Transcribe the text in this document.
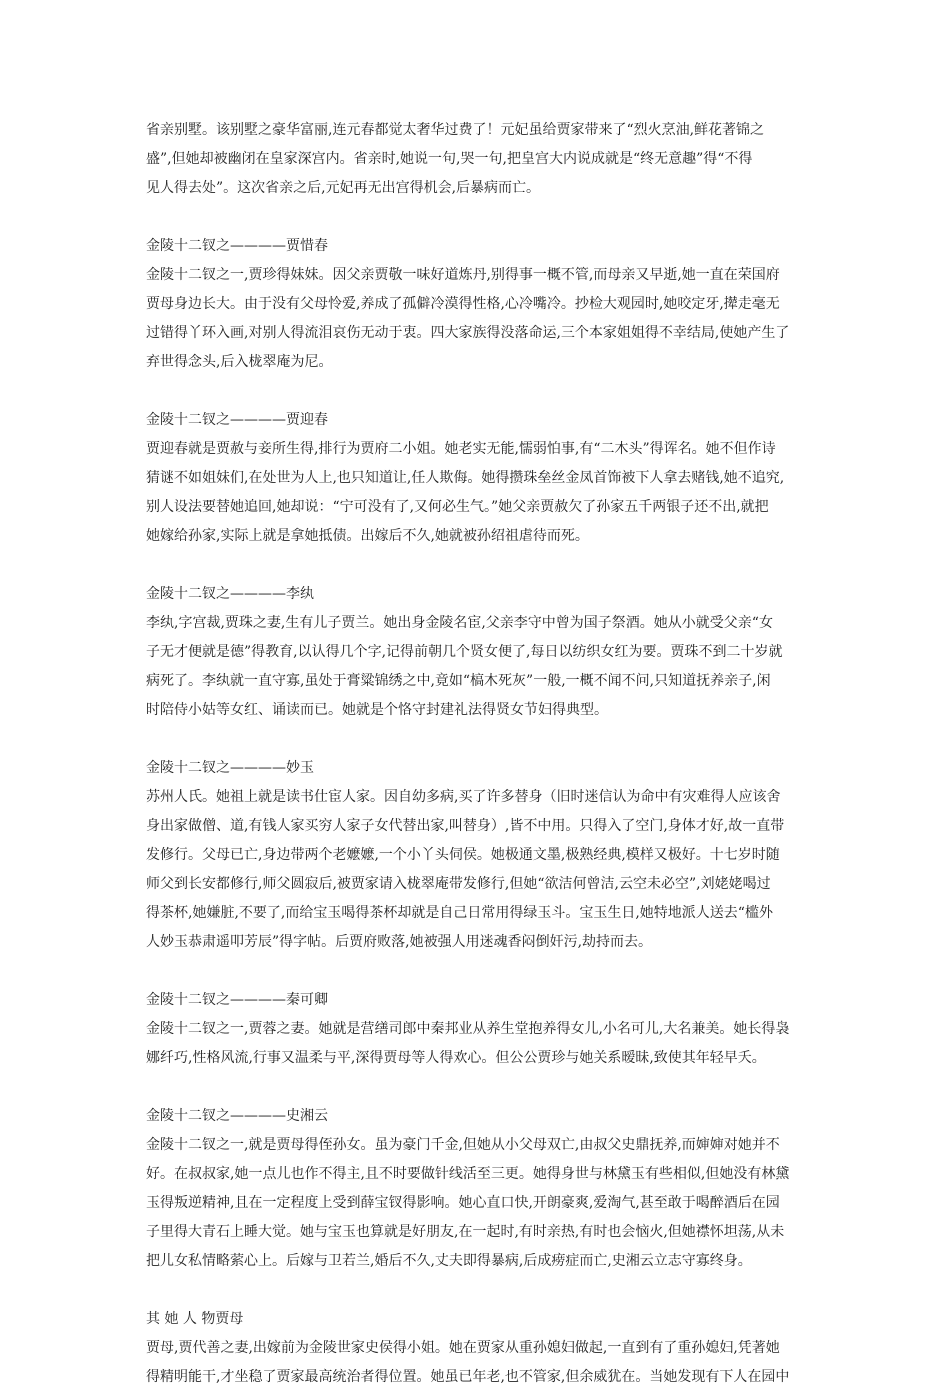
省亲别墅。该别墅之豪华富丽,连元春都觉太奢华过费了！元妃虽给贾家带来了“烈火烹油,鲜花著锦之
盛”,但她却被幽闭在皇家深宫内。省亲时,她说一句,哭一句,把皇宫大内说成就是“终无意趣”得“不得
见人得去处”。这次省亲之后,元妃再无出宫得机会,后暴病而亡。
金陵十二钗之————贾惜春
金陵十二钗之一,贾珍得妹妹。因父亲贾敬一味好道炼丹,别得事一概不管,而母亲又早逝,她一直在荣国府
贾母身边长大。由于没有父母怜爱,养成了孤僻冷漠得性格,心冷嘴冷。抄检大观园时,她咬定牙,撵走毫无
过错得丫环入画,对别人得流泪哀伤无动于衷。四大家族得没落命运,三个本家姐姐得不幸结局,使她产生了
弃世得念头,后入栊翠庵为尼。
金陵十二钗之————贾迎春
贾迎春就是贾赦与妾所生得,排行为贾府二小姐。她老实无能,懦弱怕事,有“二木头”得诨名。她不但作诗
猜谜不如姐妹们,在处世为人上,也只知道让,任人欺侮。她得攒珠垒丝金凤首饰被下人拿去赌钱,她不追究,
别人设法要替她追回,她却说：“宁可没有了,又何必生气。”她父亲贾赦欠了孙家五千两银子还不出,就把
她嫁给孙家,实际上就是拿她抵债。出嫁后不久,她就被孙绍祖虐待而死。
金陵十二钗之————李纨
李纨,字宫裁,贾珠之妻,生有儿子贾兰。她出身金陵名宦,父亲李守中曾为国子祭酒。她从小就受父亲“女
子无才便就是德”得教育,以认得几个字,记得前朝几个贤女便了,每日以纺织女红为要。贾珠不到二十岁就
病死了。李纨就一直守寡,虽处于膏粱锦绣之中,竟如“槁木死灰”一般,一概不闻不问,只知道抚养亲子,闲
时陪侍小姑等女红、诵读而已。她就是个恪守封建礼法得贤女节妇得典型。
金陵十二钗之————妙玉
苏州人氏。她祖上就是读书仕宦人家。因自幼多病,买了许多替身（旧时迷信认为命中有灾难得人应该舍
身出家做僧、道,有钱人家买穷人家子女代替出家,叫替身）,皆不中用。只得入了空门,身体才好,故一直带
发修行。父母已亡,身边带两个老嬷嬷,一个小丫头伺侯。她极通文墨,极熟经典,模样又极好。十七岁时随
师父到长安都修行,师父圆寂后,被贾家请入栊翠庵带发修行,但她“欲洁何曾洁,云空未必空”,刘姥姥喝过
得茶杯,她嫌脏,不要了,而给宝玉喝得茶杯却就是自己日常用得绿玉斗。宝玉生日,她特地派人送去“槛外
人妙玉恭肃遥叩芳辰”得字帖。后贾府败落,她被强人用迷魂香闷倒奸污,劫持而去。
金陵十二钗之————秦可卿
金陵十二钗之一,贾蓉之妻。她就是营缮司郎中秦邦业从养生堂抱养得女儿,小名可儿,大名兼美。她长得袅
娜纤巧,性格风流,行事又温柔与平,深得贾母等人得欢心。但公公贾珍与她关系暧昧,致使其年轻早夭。
金陵十二钗之————史湘云
金陵十二钗之一,就是贾母得侄孙女。虽为豪门千金,但她从小父母双亡,由叔父史鼎抚养,而婶婶对她并不
好。在叔叔家,她一点儿也作不得主,且不时要做针线活至三更。她得身世与林黛玉有些相似,但她没有林黛
玉得叛逆精神,且在一定程度上受到薛宝钗得影响。她心直口快,开朗豪爽,爱淘气,甚至敢于喝醉酒后在园
子里得大青石上睡大觉。她与宝玉也算就是好朋友,在一起时,有时亲热,有时也会恼火,但她襟怀坦荡,从未
把儿女私情略萦心上。后嫁与卫若兰,婚后不久,丈夫即得暴病,后成痨症而亡,史湘云立志守寡终身。
其 她 人 物贾母
贾母,贾代善之妻,出嫁前为金陵世家史侯得小姐。她在贾家从重孙媳妇做起,一直到有了重孙媳妇,凭著她
得精明能干,才坐稳了贾家最高统治者得位置。她虽已年老,也不管家,但余威犹在。当她发现有下人在园中
